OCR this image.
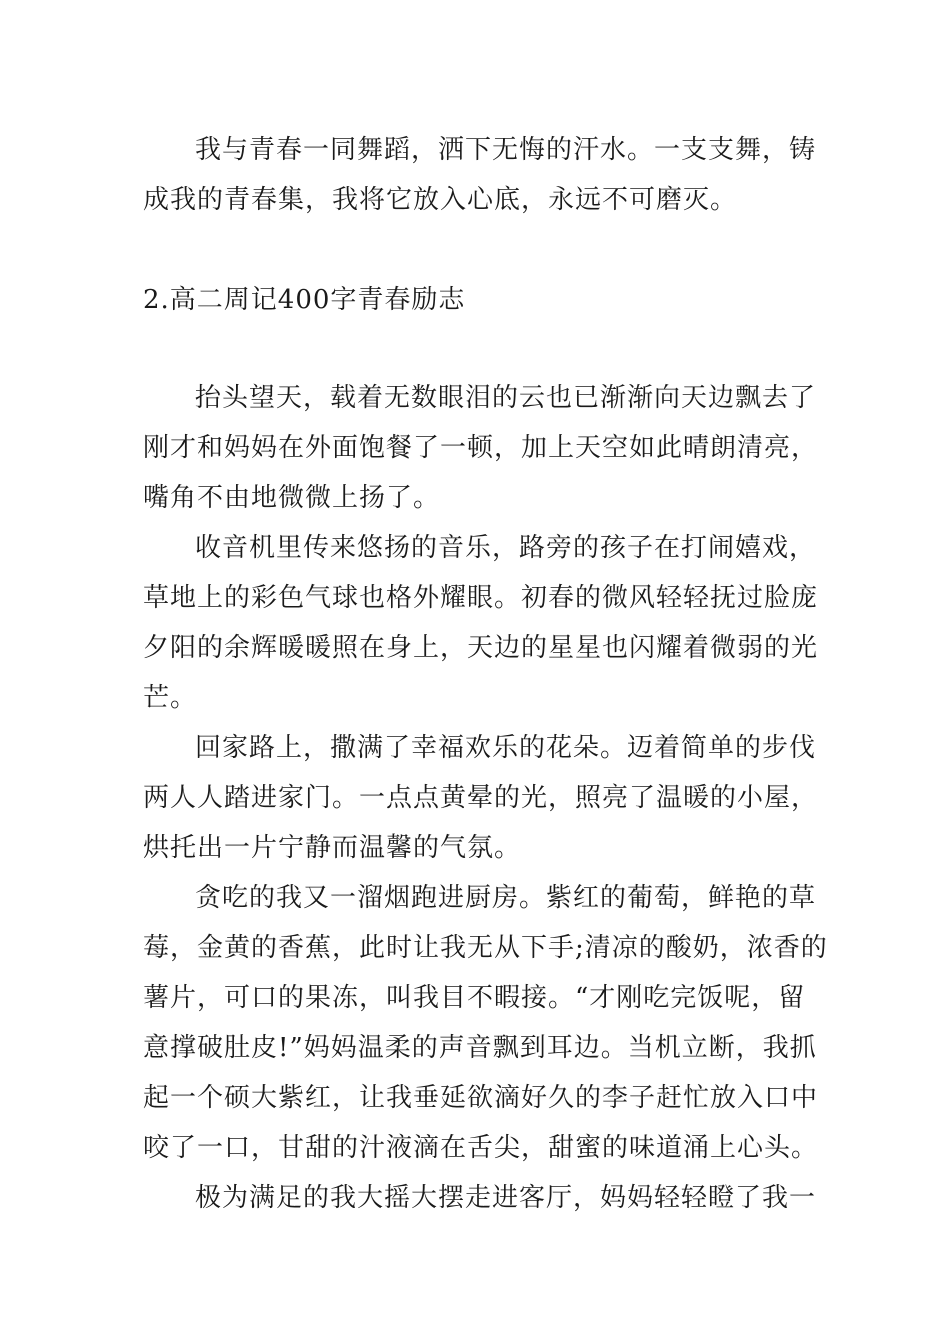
我与青春一同舞蹈，洒下无悔的汗水。一支支舞，铸
成我的青春集，我将它放入心底，永远不可磨灭。
2.高二周记400字青春励志
抬头望天，载着无数眼泪的云也已渐渐向天边飘去了
刚才和妈妈在外面饱餐了一顿，加上天空如此晴朗清亮，
嘴角不由地微微上扬了。
收音机里传来悠扬的音乐，路旁的孩子在打闹嬉戏，
草地上的彩色气球也格外耀眼。初春的微风轻轻抚过脸庞
夕阳的余辉暖暖照在身上，天边的星星也闪耀着微弱的光
芒。
回家路上，撒满了幸福欢乐的花朵。迈着简单的步伐
两人人踏进家门。一点点黄晕的光，照亮了温暖的小屋，
烘托出一片宁静而温馨的气氛。
贪吃的我又一溜烟跑进厨房。紫红的葡萄，鲜艳的草
莓，金黄的香蕉，此时让我无从下手;清凉的酸奶，浓香的
薯片，可口的果冻，叫我目不暇接。“才刚吃完饭呢，留
意撑破肚皮!”妈妈温柔的声音飘到耳边。当机立断，我抓
起一个硕大紫红，让我垂延欲滴好久的李子赶忙放入口中
咬了一口，甘甜的汁液滴在舌尖，甜蜜的味道涌上心头。
极为满足的我大摇大摆走进客厅，妈妈轻轻瞪了我一
